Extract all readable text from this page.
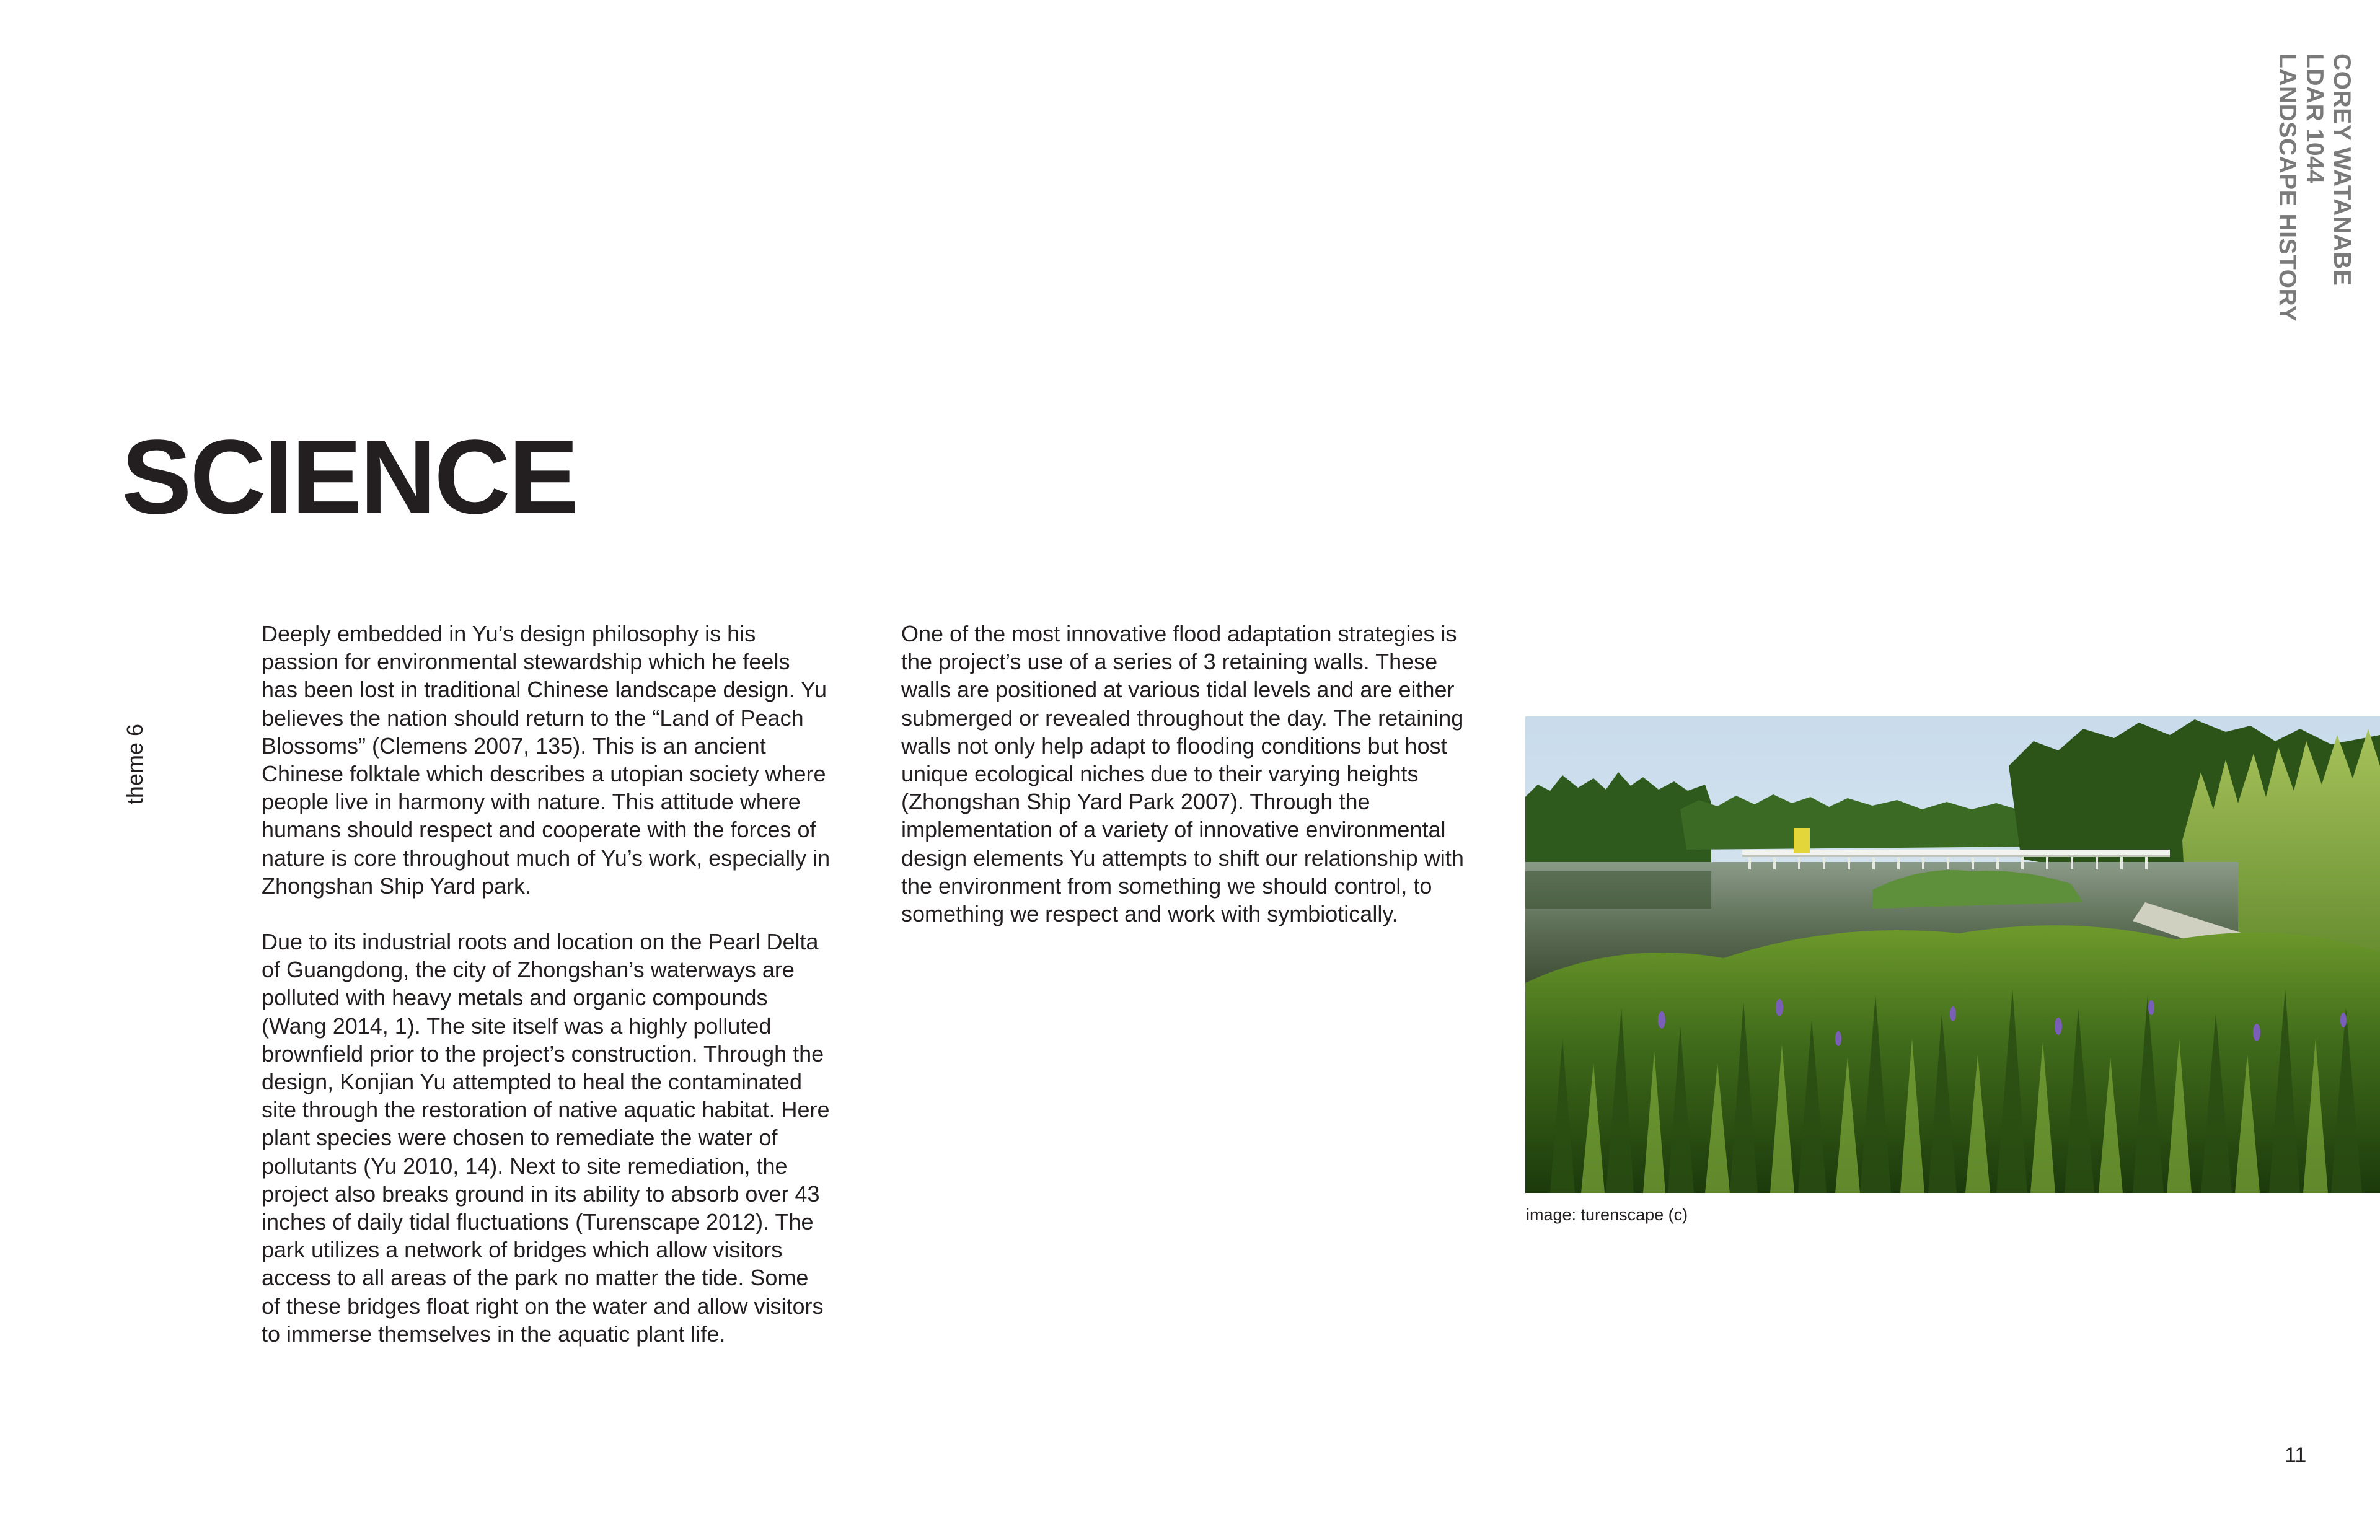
COREY WATANABE
LDAR 1044
LANDSCAPE HISTORY
SCIENCE
theme 6

Deeply embedded in Yu’s design philosophy is his passion for environmental stewardship which he feels has been lost in traditional Chinese landscape design. Yu believes the nation should return to the “Land of Peach Blossoms” (Clemens 2007, 135). This is an ancient Chinese folktale which describes a utopian society where people live in harmony with nature. This attitude where humans should respect and cooperate with the forces of nature is core throughout much of Yu’s work, especially in Zhongshan Ship Yard park.

Due to its industrial roots and location on the Pearl Delta of Guangdong, the city of Zhongshan’s waterways are polluted with heavy metals and organic compounds (Wang 2014, 1). The site itself was a highly polluted brownfield prior to the project’s construction. Through the design, Konjian Yu attempted to heal the contaminated site through the restoration of native aquatic habitat. Here plant species were chosen to remediate the water of pollutants (Yu 2010, 14). Next to site remediation, the project also breaks ground in its ability to absorb over 43 inches of daily tidal fluctuations (Turenscape 2012). The park utilizes a network of bridges which allow visitors access to all areas of the park no matter the tide. Some of these bridges float right on the water and allow visitors to immerse themselves in the aquatic plant life.

One of the most innovative flood adaptation strategies is the project’s use of a series of 3 retaining walls. These walls are positioned at various tidal levels and are either submerged or revealed throughout the day. The retaining walls not only help adapt to flooding conditions but host unique ecological niches due to their varying heights (Zhongshan Ship Yard Park 2007). Through the implementation of a variety of innovative environmental design elements Yu attempts to shift our relationship with the environment from something we should control, to something we respect and work with symbiotically.

image: turenscape (c)
11
